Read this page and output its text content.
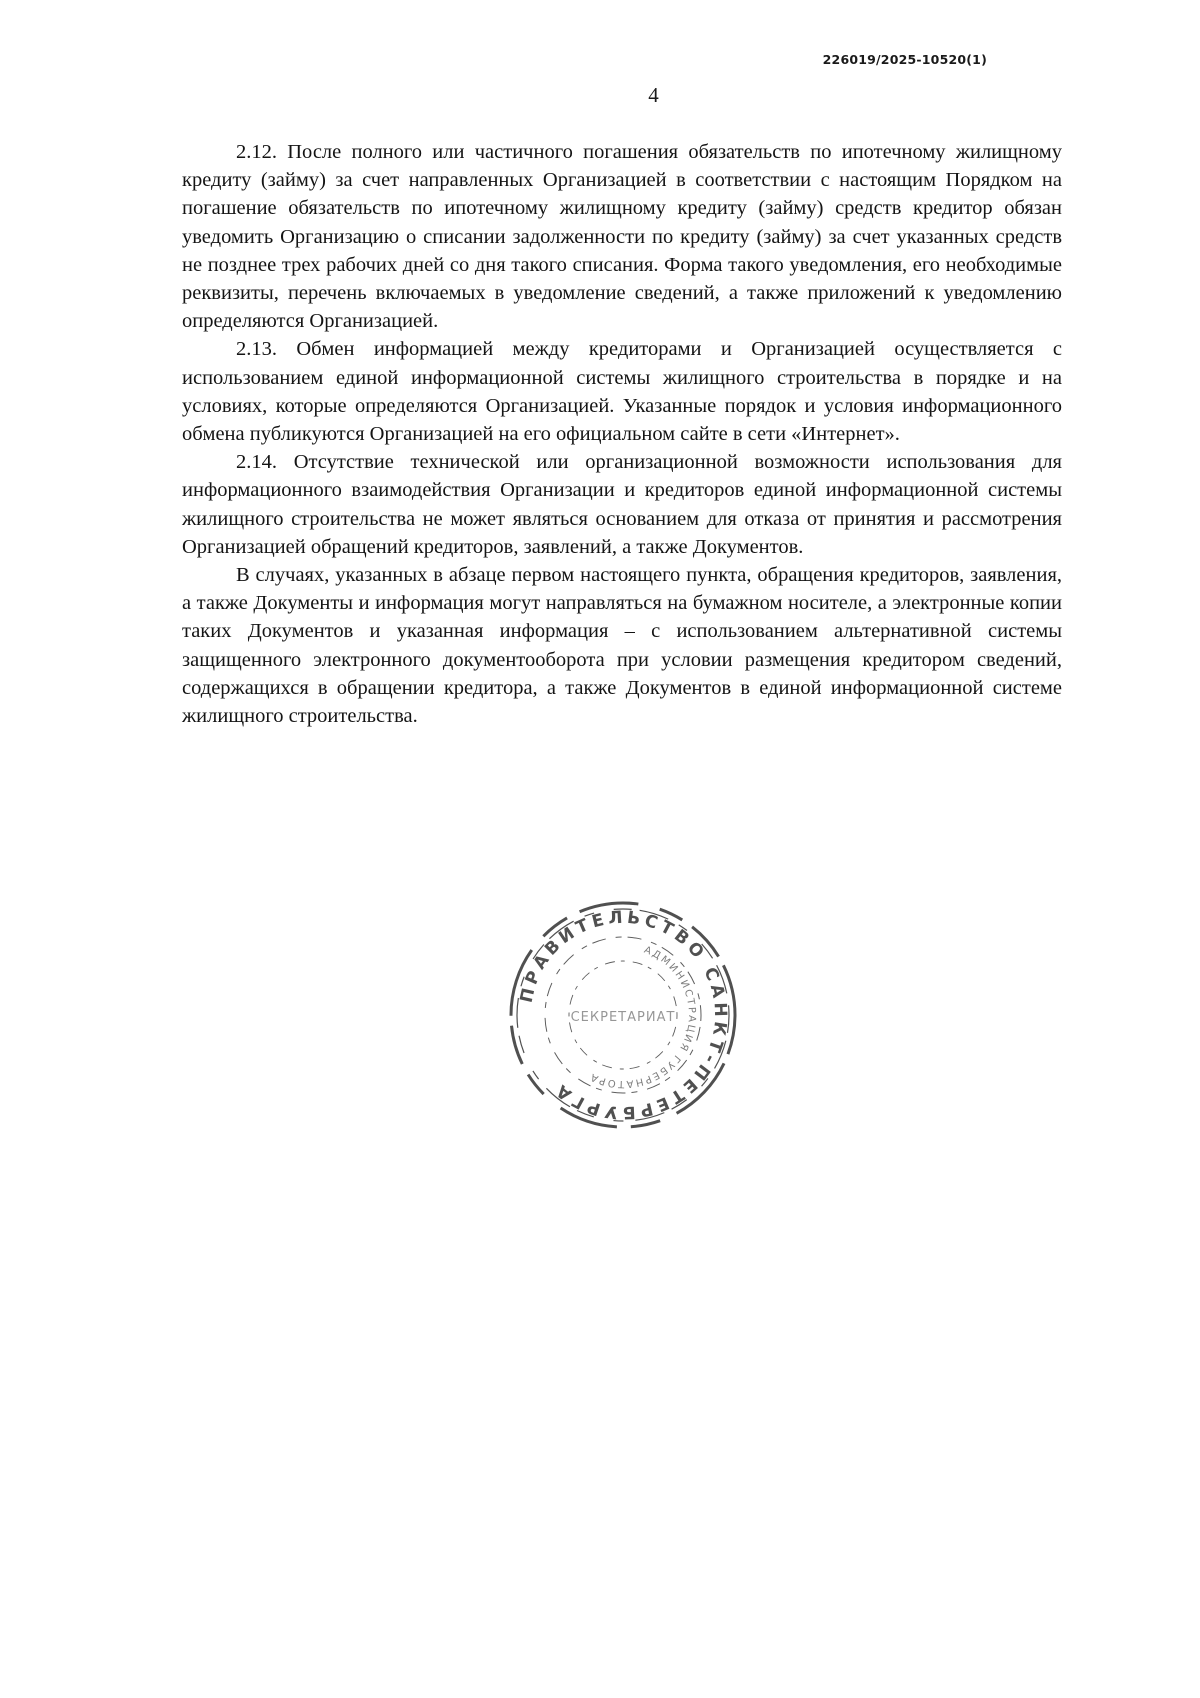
226019/2025-10520(1)
4

2.12. После полного или частичного погашения обязательств по ипотечному жилищному кредиту (займу) за счет направленных Организацией в соответствии с настоящим Порядком на погашение обязательств по ипотечному жилищному кредиту (займу) средств кредитор обязан уведомить Организацию о списании задолженности по кредиту (займу) за счет указанных средств не позднее трех рабочих дней со дня такого списания. Форма такого уведомления, его необходимые реквизиты, перечень включаемых в уведомление сведений, а также приложений к уведомлению определяются Организацией.

2.13. Обмен информацией между кредиторами и Организацией осуществляется с использованием единой информационной системы жилищного строительства в порядке и на условиях, которые определяются Организацией. Указанные порядок и условия информационного обмена публикуются Организацией на его официальном сайте в сети «Интернет».

2.14. Отсутствие технической или организационной возможности использования для информационного взаимодействия Организации и кредиторов единой информационной системы жилищного строительства не может являться основанием для отказа от принятия и рассмотрения Организацией обращений кредиторов, заявлений, а также Документов.

В случаях, указанных в абзаце первом настоящего пункта, обращения кредиторов, заявления, а также Документы и информация могут направляться на бумажном носителе, а электронные копии таких Документов и указанная информация – с использованием альтернативной системы защищенного электронного документооборота при условии размещения кредитором сведений, содержащихся в обращении кредитора, а также Документов в единой информационной системе жилищного строительства.

ПРАВИТЕЛЬСТВО САНКТ-ПЕТЕРБУРГА
АДМИНИСТРАЦИЯ ГУБЕРНАТОРА
СЕКРЕТАРИАТ
